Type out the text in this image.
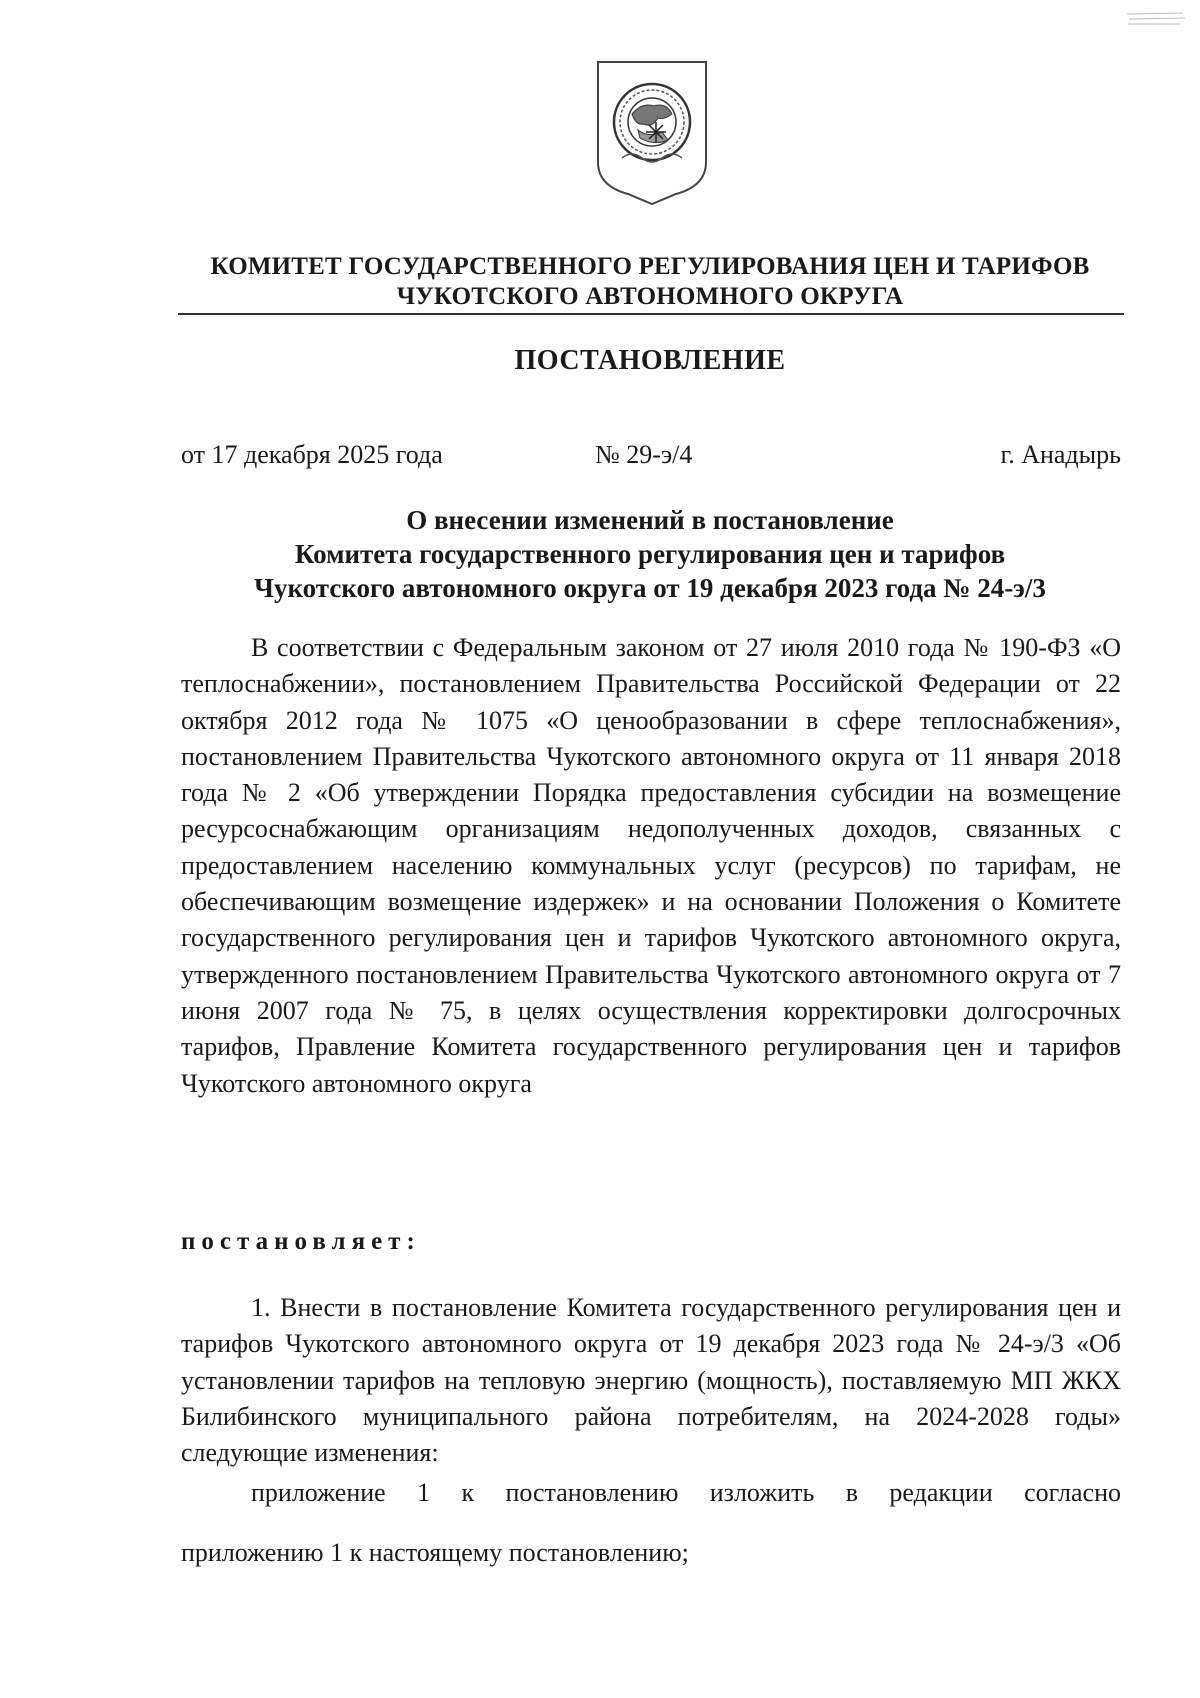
КОМИТЕТ ГОСУДАРСТВЕННОГО РЕГУЛИРОВАНИЯ ЦЕН И ТАРИФОВ
ЧУКОТСКОГО АВТОНОМНОГО ОКРУГА
ПОСТАНОВЛЕНИЕ
от 17 декабря 2025 года	№ 29-э/4	г. Анадырь
О внесении изменений в постановление
Комитета государственного регулирования цен и тарифов
Чукотского автономного округа от 19 декабря 2023 года № 24-э/3

В соответствии с Федеральным законом от 27 июля 2010 года № 190-ФЗ «О теплоснабжении», постановлением Правительства Российской Федерации от 22 октября 2012 года № 1075 «О ценообразовании в сфере теплоснабжения», постановлением Правительства Чукотского автономного округа от 11 января 2018 года № 2 «Об утверждении Порядка предоставления субсидии на возмещение ресурсоснабжающим организациям недополученных доходов, связанных с предоставлением населению коммунальных услуг (ресурсов) по тарифам, не обеспечивающим возмещение издержек» и на основании Положения о Комитете государственного регулирования цен и тарифов Чукотского автономного округа, утвержденного постановлением Правительства Чукотского автономного округа от 7 июня 2007 года № 75, в целях осуществления корректировки долгосрочных тарифов, Правление Комитета государственного регулирования цен и тарифов Чукотского автономного округа

постановляет:

1. Внести в постановление Комитета государственного регулирования цен и тарифов Чукотского автономного округа от 19 декабря 2023 года № 24-э/3 «Об установлении тарифов на тепловую энергию (мощность), поставляемую МП ЖКХ Билибинского муниципального района потребителям, на 2024-2028 годы» следующие изменения:

приложение 1 к постановлению изложить в редакции согласно

приложению 1 к настоящему постановлению;
